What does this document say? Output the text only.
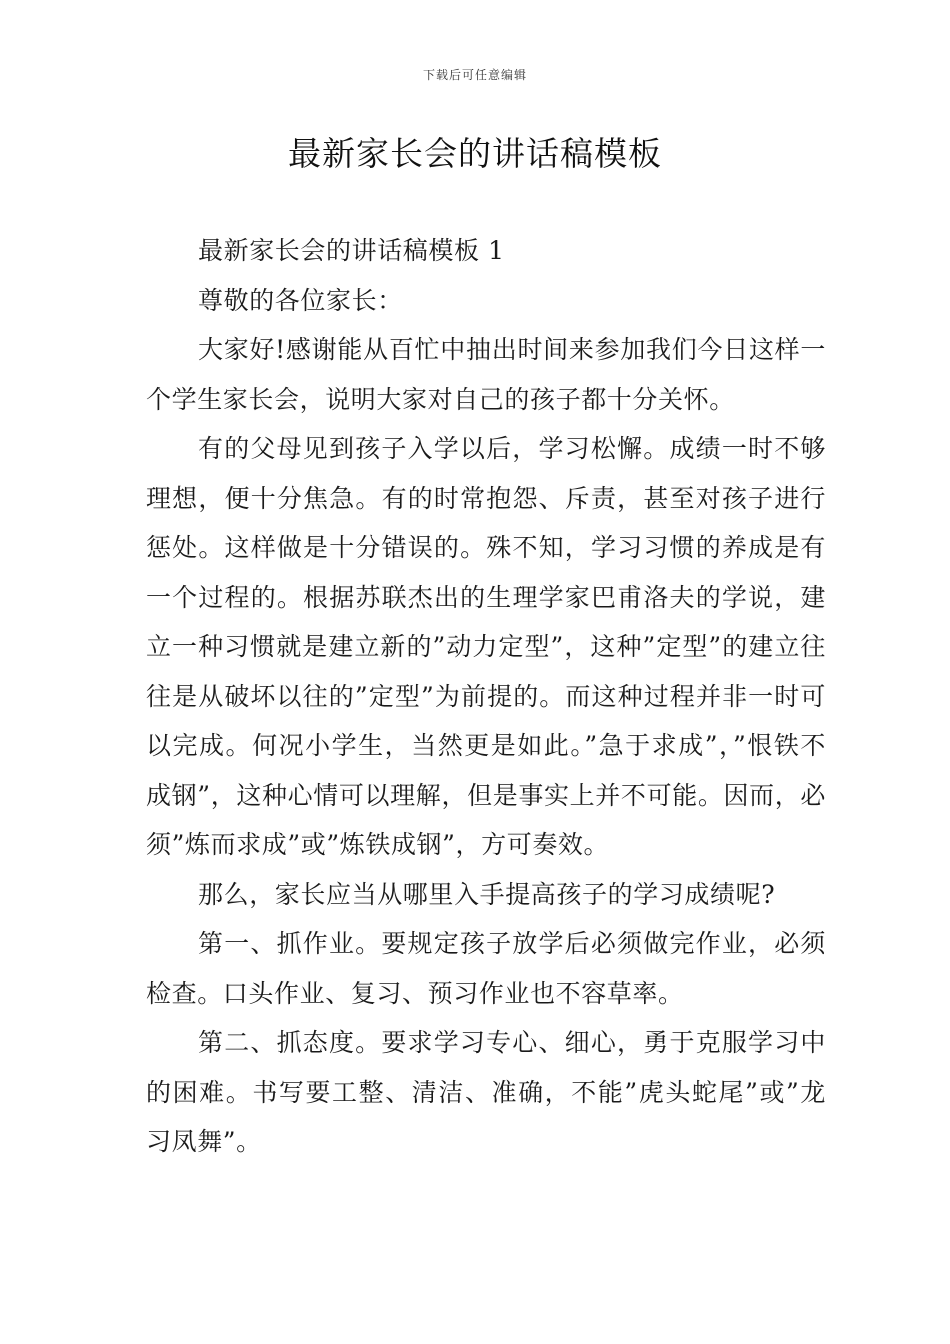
下载后可任意编辑
最新家长会的讲话稿模板

最新家长会的讲话稿模板 1

尊敬的各位家长：

大家好!感谢能从百忙中抽出时间来参加我们今日这样一个学生家长会，说明大家对自己的孩子都十分关怀。

有的父母见到孩子入学以后，学习松懈。成绩一时不够理想，便十分焦急。有的时常抱怨、斥责，甚至对孩子进行惩处。这样做是十分错误的。殊不知，学习习惯的养成是有一个过程的。根据苏联杰出的生理学家巴甫洛夫的学说，建立一种习惯就是建立新的”动力定型”，这种”定型”的建立往往是从破坏以往的”定型”为前提的。而这种过程并非一时可以完成。何况小学生，当然更是如此。”急于求成”，”恨铁不成钢”，这种心情可以理解，但是事实上并不可能。因而，必须”炼而求成”或”炼铁成钢”，方可奏效。

那么，家长应当从哪里入手提高孩子的学习成绩呢?

第一、抓作业。要规定孩子放学后必须做完作业，必须检查。口头作业、复习、预习作业也不容草率。

第二、抓态度。要求学习专心、细心，勇于克服学习中的困难。书写要工整、清洁、准确，不能”虎头蛇尾”或”龙习凤舞”。
